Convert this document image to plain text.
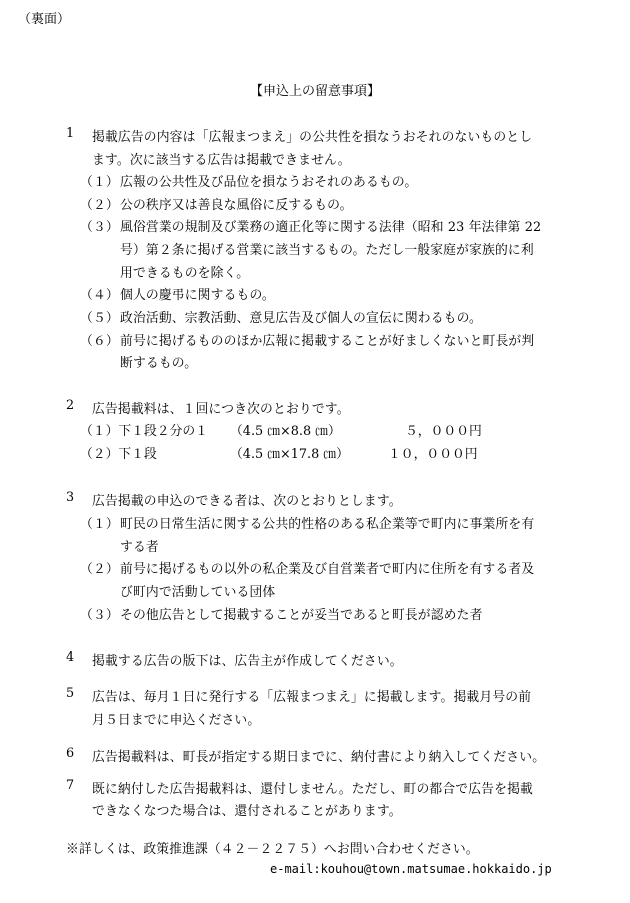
（裏面）
【申込上の留意事項】
1 掲載広告の内容は「広報まつまえ」の公共性を損なうおそれのないものとし
ます。次に該当する広告は掲載できません。
（１） 広報の公共性及び品位を損なうおそれのあるもの。
（２） 公の秩序又は善良な風俗に反するもの。
（３） 風俗営業の規制及び業務の適正化等に関する法律（昭和 23 年法律第 22
号）第２条に掲げる営業に該当するもの。ただし一般家庭が家族的に利
用できるものを除く。
（４） 個人の慶弔に関するもの。
（５） 政治活動、宗教活動、意見広告及び個人の宣伝に関わるもの。
（６） 前号に掲げるもののほか広報に掲載することが好ましくないと町長が判
断するもの。
2 広告掲載料は、１回につき次のとおりです。
（１）下１段２分の１ （4.5 ㎝×8.8 ㎝）	５，０００円
（２）下１段	（4.5 ㎝×17.8 ㎝）	１０，０００円
3 広告掲載の申込のできる者は、次のとおりとします。
（１） 町民の日常生活に関する公共的性格のある私企業等で町内に事業所を有
する者
（２） 前号に掲げるもの以外の私企業及び自営業者で町内に住所を有する者及
び町内で活動している団体
（３） その他広告として掲載することが妥当であると町長が認めた者
4 掲載する広告の版下は、広告主が作成してください。
5 広告は、毎月１日に発行する「広報まつまえ」に掲載します。掲載月号の前
月５日までに申込ください。
6 広告掲載料は、町長が指定する期日までに、納付書により納入してください。
7 既に納付した広告掲載料は、還付しません。ただし、町の都合で広告を掲載
※詳しくは、政策推進課（４２－２２７５）へお問い合わせください。
e-mail:kouhou@town.matsumae.hokkaido.jp
できなくなつた場合は、還付されることがあります。
